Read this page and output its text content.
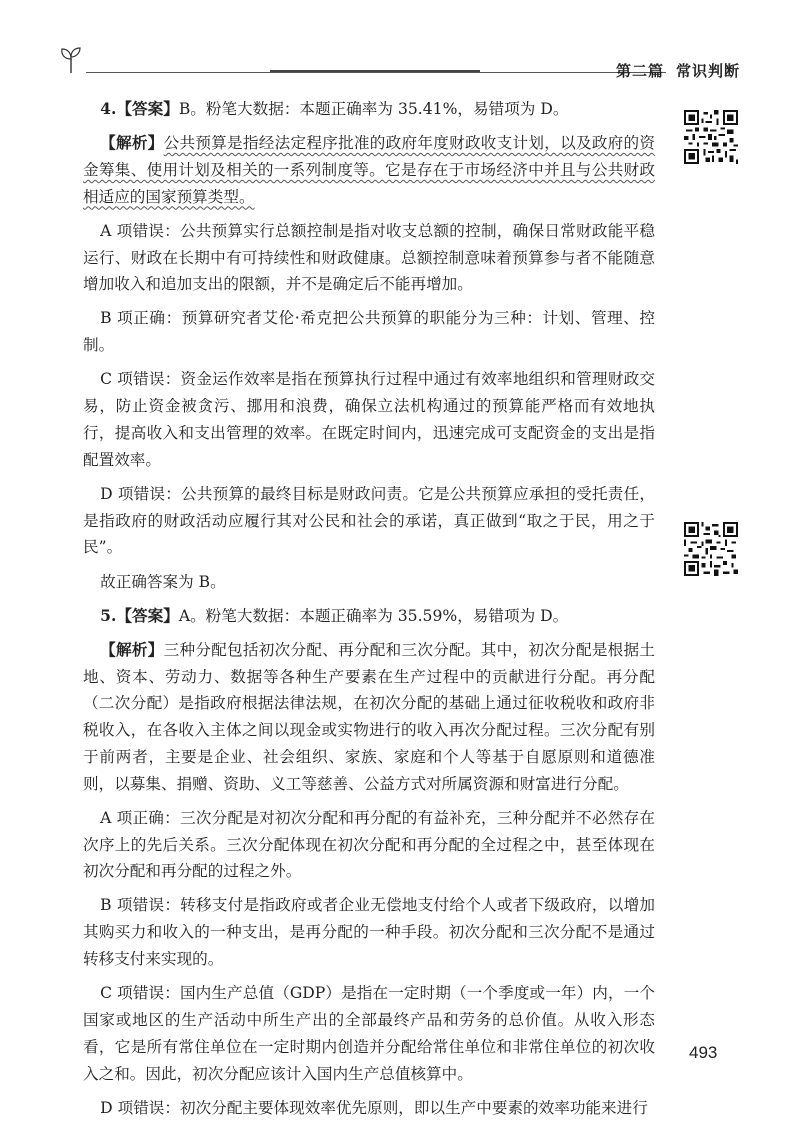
第二篇 常识判断

4.【答案】B。粉笔大数据：本题正确率为 35.41%，易错项为 D。

【解析】公共预算是指经法定程序批准的政府年度财政收支计划，以及政府的资金筹集、使用计划及相关的一系列制度等。它是存在于市场经济中并且与公共财政相适应的国家预算类型。

A 项错误：公共预算实行总额控制是指对收支总额的控制，确保日常财政能平稳运行、财政在长期中有可持续性和财政健康。总额控制意味着预算参与者不能随意增加收入和追加支出的限额，并不是确定后不能再增加。

B 项正确：预算研究者艾伦·希克把公共预算的职能分为三种：计划、管理、控制。

C 项错误：资金运作效率是指在预算执行过程中通过有效率地组织和管理财政交易，防止资金被贪污、挪用和浪费，确保立法机构通过的预算能严格而有效地执行，提高收入和支出管理的效率。在既定时间内，迅速完成可支配资金的支出是指配置效率。

D 项错误：公共预算的最终目标是财政问责。它是公共预算应承担的受托责任，是指政府的财政活动应履行其对公民和社会的承诺，真正做到“取之于民，用之于民”。

故正确答案为 B。

5.【答案】A。粉笔大数据：本题正确率为 35.59%，易错项为 D。

【解析】三种分配包括初次分配、再分配和三次分配。其中，初次分配是根据土地、资本、劳动力、数据等各种生产要素在生产过程中的贡献进行分配。再分配（二次分配）是指政府根据法律法规，在初次分配的基础上通过征收税收和政府非税收入，在各收入主体之间以现金或实物进行的收入再次分配过程。三次分配有别于前两者，主要是企业、社会组织、家族、家庭和个人等基于自愿原则和道德准则，以募集、捐赠、资助、义工等慈善、公益方式对所属资源和财富进行分配。

A 项正确：三次分配是对初次分配和再分配的有益补充，三种分配并不必然存在次序上的先后关系。三次分配体现在初次分配和再分配的全过程之中，甚至体现在初次分配和再分配的过程之外。

B 项错误：转移支付是指政府或者企业无偿地支付给个人或者下级政府，以增加其购买力和收入的一种支出，是再分配的一种手段。初次分配和三次分配不是通过转移支付来实现的。

C 项错误：国内生产总值（GDP）是指在一定时期（一个季度或一年）内，一个国家或地区的生产活动中所生产出的全部最终产品和劳务的总价值。从收入形态看，它是所有常住单位在一定时期内创造并分配给常住单位和非常住单位的初次收入之和。因此，初次分配应该计入国内生产总值核算中。

D 项错误：初次分配主要体现效率优先原则，即以生产中要素的效率功能来进行

493
